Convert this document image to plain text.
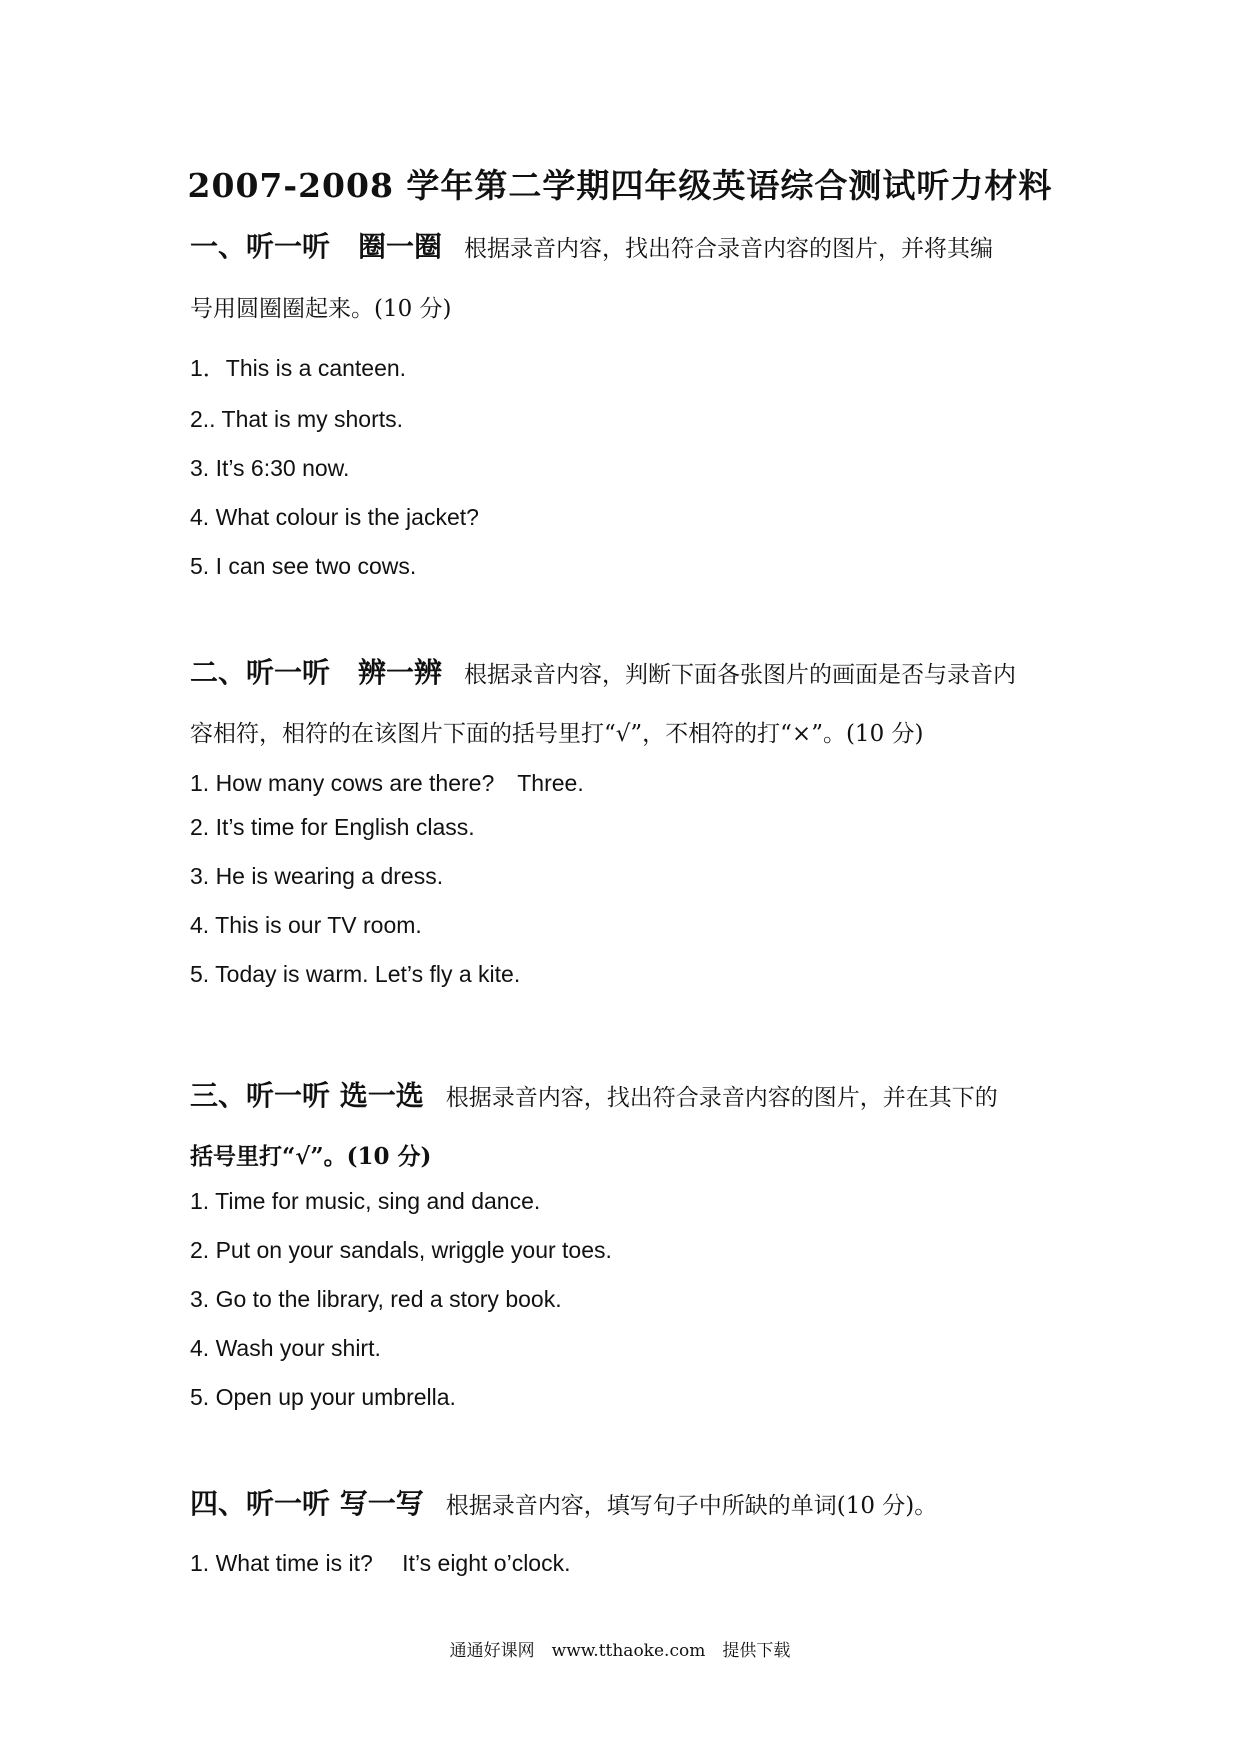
2007-2008 学年第二学期四年级英语综合测试听力材料
一、听一听　圈一圈 根据录音内容，找出符合录音内容的图片，并将其编
号用圆圈圈起来。(10 分)
1．This is a canteen.
2.. That is my shorts.
3. It’s 6:30 now.
4. What colour is the jacket?
5. I can see two cows.
二、听一听　辨一辨 根据录音内容，判断下面各张图片的画面是否与录音内
容相符，相符的在该图片下面的括号里打“√”，不相符的打“×”。(10 分)
1. How many cows are there?　Three.
2. It’s time for English class.
3. He is wearing a dress.
4. This is our TV room.
5. Today is warm. Let’s fly a kite.
三、听一听 选一选 根据录音内容，找出符合录音内容的图片，并在其下的
括号里打“√”。(10 分)
1. Time for music, sing and dance.
2. Put on your sandals, wriggle your toes.
3. Go to the library, red a story book.
4. Wash your shirt.
5. Open up your umbrella.
四、听一听 写一写 根据录音内容，填写句子中所缺的单词(10 分)。
1. What time is it?　 It’s eight o’clock.
通通好课网　www.tthaoke.com　提供下载
